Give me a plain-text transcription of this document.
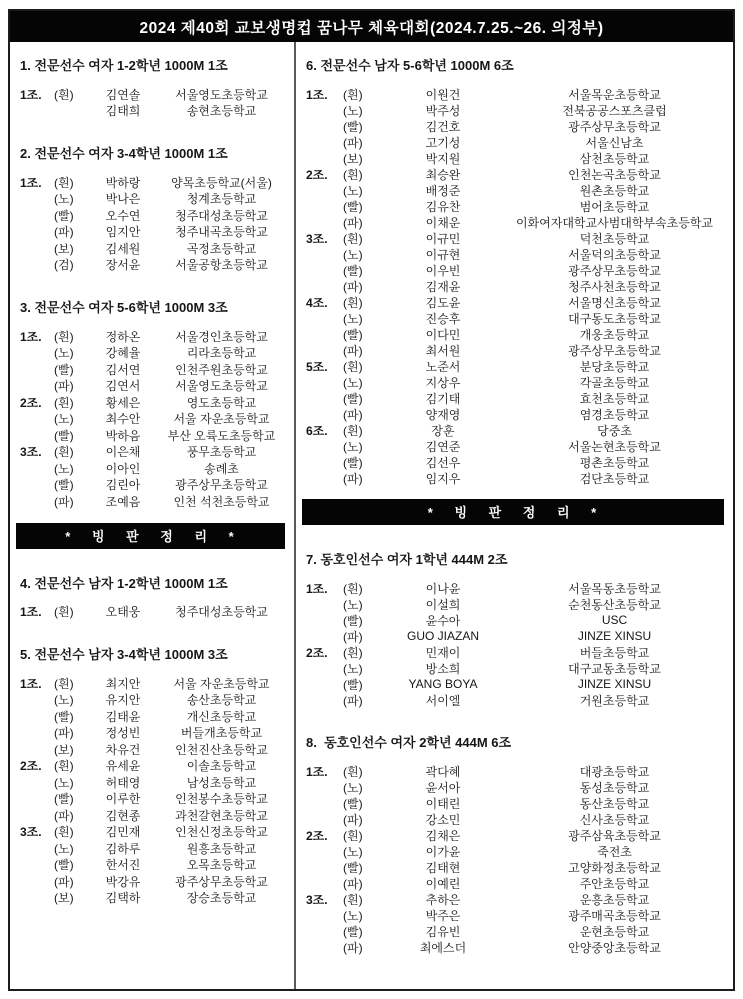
2024 제40회 교보생명컵 꿈나무 체육대회(2024.7.25.~26. 의정부)
1. 전문선수 여자 1-2학년 1000M 1조
1조.	(흰)	김연솔	서울영도초등학교
김태희	송현초등학교
2. 전문선수 여자 3-4학년 1000M 1조
1조.	(흰)	박하랑	양목초등학교(서울)
(노)	박나은	청계초등학교
(빨)	오수연	청주대성초등학교
(파)	임지안	청주내곡초등학교
(보)	김세원	곡정초등학교
(검)	장서윤	서울공항초등학교
3. 전문선수 여자 5-6학년 1000M 3조
1조.	(흰)	정하온	서울경인초등학교
(노)	강혜율	리라초등학교
(빨)	김서연	인천주원초등학교
(파)	김연서	서울영도초등학교
2조.	(흰)	황세은	영도초등학교
(노)	최수안	서울 자운초등학교
(빨)	박하음	부산 오륙도초등학교
3조.	(흰)	이은채	풍무초등학교
(노)	이아인	송례초
(빨)	김린아	광주상무초등학교
(파)	조예음	인천 석천초등학교
* 빙 판 정 리 *
4. 전문선수 남자 1-2학년 1000M 1조
1조.	(흰)	오태웅	청주대성초등학교
5. 전문선수 남자 3-4학년 1000M 3조
1조.	(흰)	최지안	서울 자운초등학교
(노)	유지안	송산초등학교
(빨)	김태윤	개신초등학교
(파)	정성빈	버들개초등학교
(보)	차유건	인천진산초등학교
2조.	(흰)	유세윤	이솔초등학교
(노)	허태영	남성초등학교
(빨)	이루한	인천봉수초등학교
(파)	김현종	과천갈현초등학교
3조.	(흰)	김민재	인천신정초등학교
(노)	김하루	원흥초등학교
(빨)	한서진	오목초등학교
(파)	박강유	광주상무초등학교
(보)	김택하	장승초등학교
6. 전문선수 남자 5-6학년 1000M 6조
1조.	(흰)	이원건	서울목운초등학교
(노)	박주성	전북공공스포츠클럽
(빨)	김건호	광주상무초등학교
(파)	고기성	서울신남초
(보)	박지원	삼천초등학교
2조.	(흰)	최승완	인천논곡초등학교
(노)	배정준	원촌초등학교
(빨)	김유찬	범어초등학교
(파)	이채운	이화여자대학교사범대학부속초등학교
3조.	(흰)	이규민	덕천초등학교
(노)	이규현	서울덕의초등학교
(빨)	이우빈	광주상무초등학교
(파)	김재윤	청주사천초등학교
4조.	(흰)	김도윤	서울명신초등학교
(노)	진승후	대구동도초등학교
(빨)	이다민	개웅초등학교
(파)	최서원	광주상무초등학교
5조.	(흰)	노준서	분당초등학교
(노)	지상우	각골초등학교
(빨)	김기태	효천초등학교
(파)	양재영	염경초등학교
6조.	(흰)	장훈	당중초
(노)	김연준	서울논현초등학교
(빨)	김선우	평촌초등학교
(파)	임지우	검단초등학교
* 빙 판 정 리 *
7. 동호인선수 여자 1학년 444M 2조
1조.	(흰)	이나윤	서울목동초등학교
(노)	이설희	순천동산초등학교
(빨)	윤수아	USC
(파)	GUO JIAZAN	JINZE XINSU
2조.	(흰)	민재이	버들초등학교
(노)	방소희	대구교동초등학교
(빨)	YANG BOYA	JINZE XINSU
(파)	서이엘	거원초등학교
8.  동호인선수 여자 2학년 444M 6조
1조.	(흰)	곽다혜	대광초등학교
(노)	윤서아	동성초등학교
(빨)	이태린	동산초등학교
(파)	강소민	신사초등학교
2조.	(흰)	김채은	광주삼육초등학교
(노)	이가윤	죽전초
(빨)	김태현	고양화정초등학교
(파)	이예린	주안초등학교
3조.	(흰)	추하은	운흥초등학교
(노)	박주은	광주매곡초등학교
(빨)	김유빈	운현초등학교
(파)	최에스더	안양중앙초등학교
